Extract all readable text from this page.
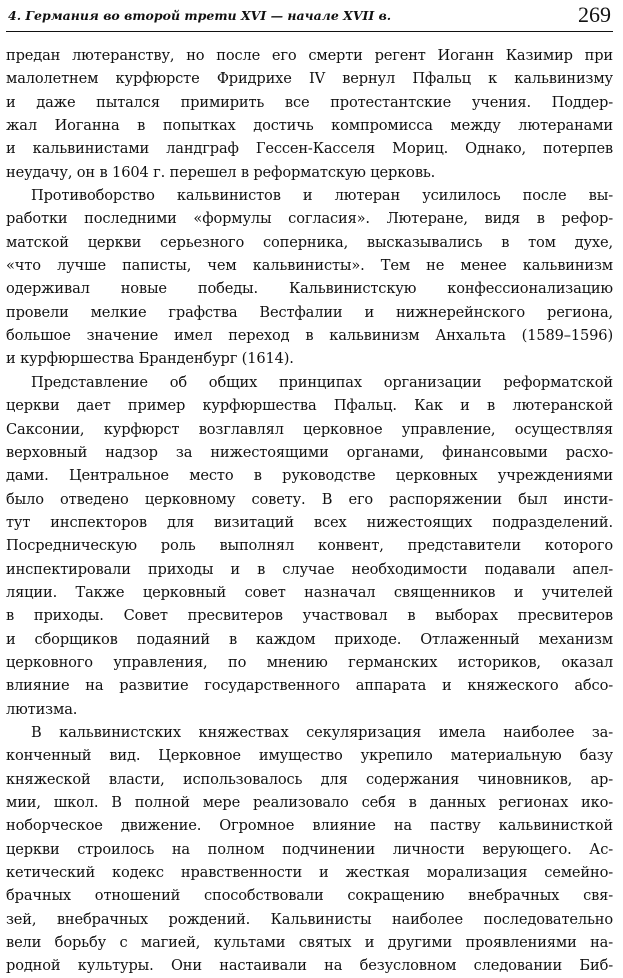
4. Германия во второй трети XVI — начале XVII в.	269
предан лютеранству, но после его смерти регент Иоганн Казимир при
малолетнем курфюрсте Фридрихе IV вернул Пфальц к кальвинизму
и даже пытался примирить все протестантские учения. Поддер-
жал Иоганна в попытках достичь компромисса между лютеранами
и кальвинистами ландграф Гессен-Касселя Мориц. Однако, потерпев
неудачу, он в 1604 г. перешел в реформатскую церковь.
Противоборство кальвинистов и лютеран усилилось после вы-
работки последними «формулы согласия». Лютеране, видя в рефор-
матской церкви серьезного соперника, высказывались в том духе,
«что лучше паписты, чем кальвинисты». Тем не менее кальвинизм
одерживал новые победы. Кальвинистскую конфессионализацию
провели мелкие графства Вестфалии и нижнерейнского региона,
большое значение имел переход в кальвинизм Анхальта (1589–1596)
и курфюршества Бранденбург (1614).
Представление об общих принципах организации реформатской
церкви дает пример курфюршества Пфальц. Как и в лютеранской
Саксонии, курфюрст возглавлял церковное управление, осуществляя
верховный надзор за нижестоящими органами, финансовыми расхо-
дами. Центральное место в руководстве церковных учреждениями
было отведено церковному совету. В его распоряжении был инсти-
тут инспекторов для визитаций всех нижестоящих подразделений.
Посредническую роль выполнял конвент, представители которого
инспектировали приходы и в случае необходимости подавали апел-
ляции. Также церковный совет назначал священников и учителей
в приходы. Совет пресвитеров участвовал в выборах пресвитеров
и сборщиков подаяний в каждом приходе. Отлаженный механизм
церковного управления, по мнению германских историков, оказал
влияние на развитие государственного аппарата и княжеского абсо-
лютизма.
В кальвинистских княжествах секуляризация имела наиболее за-
конченный вид. Церковное имущество укрепило материальную базу
княжеской власти, использовалось для содержания чиновников, ар-
мии, школ. В полной мере реализовало себя в данных регионах ико-
ноборческое движение. Огромное влияние на паству кальвинисткой
церкви строилось на полном подчинении личности верующего. Ас-
кетический кодекс нравственности и жесткая морализация семейно-
брачных отношений способствовали сокращению внебрачных свя-
зей, внебрачных рождений. Кальвинисты наиболее последовательно
вели борьбу с магией, культами святых и другими проявлениями на-
родной культуры. Они настаивали на безусловном следовании Биб-
